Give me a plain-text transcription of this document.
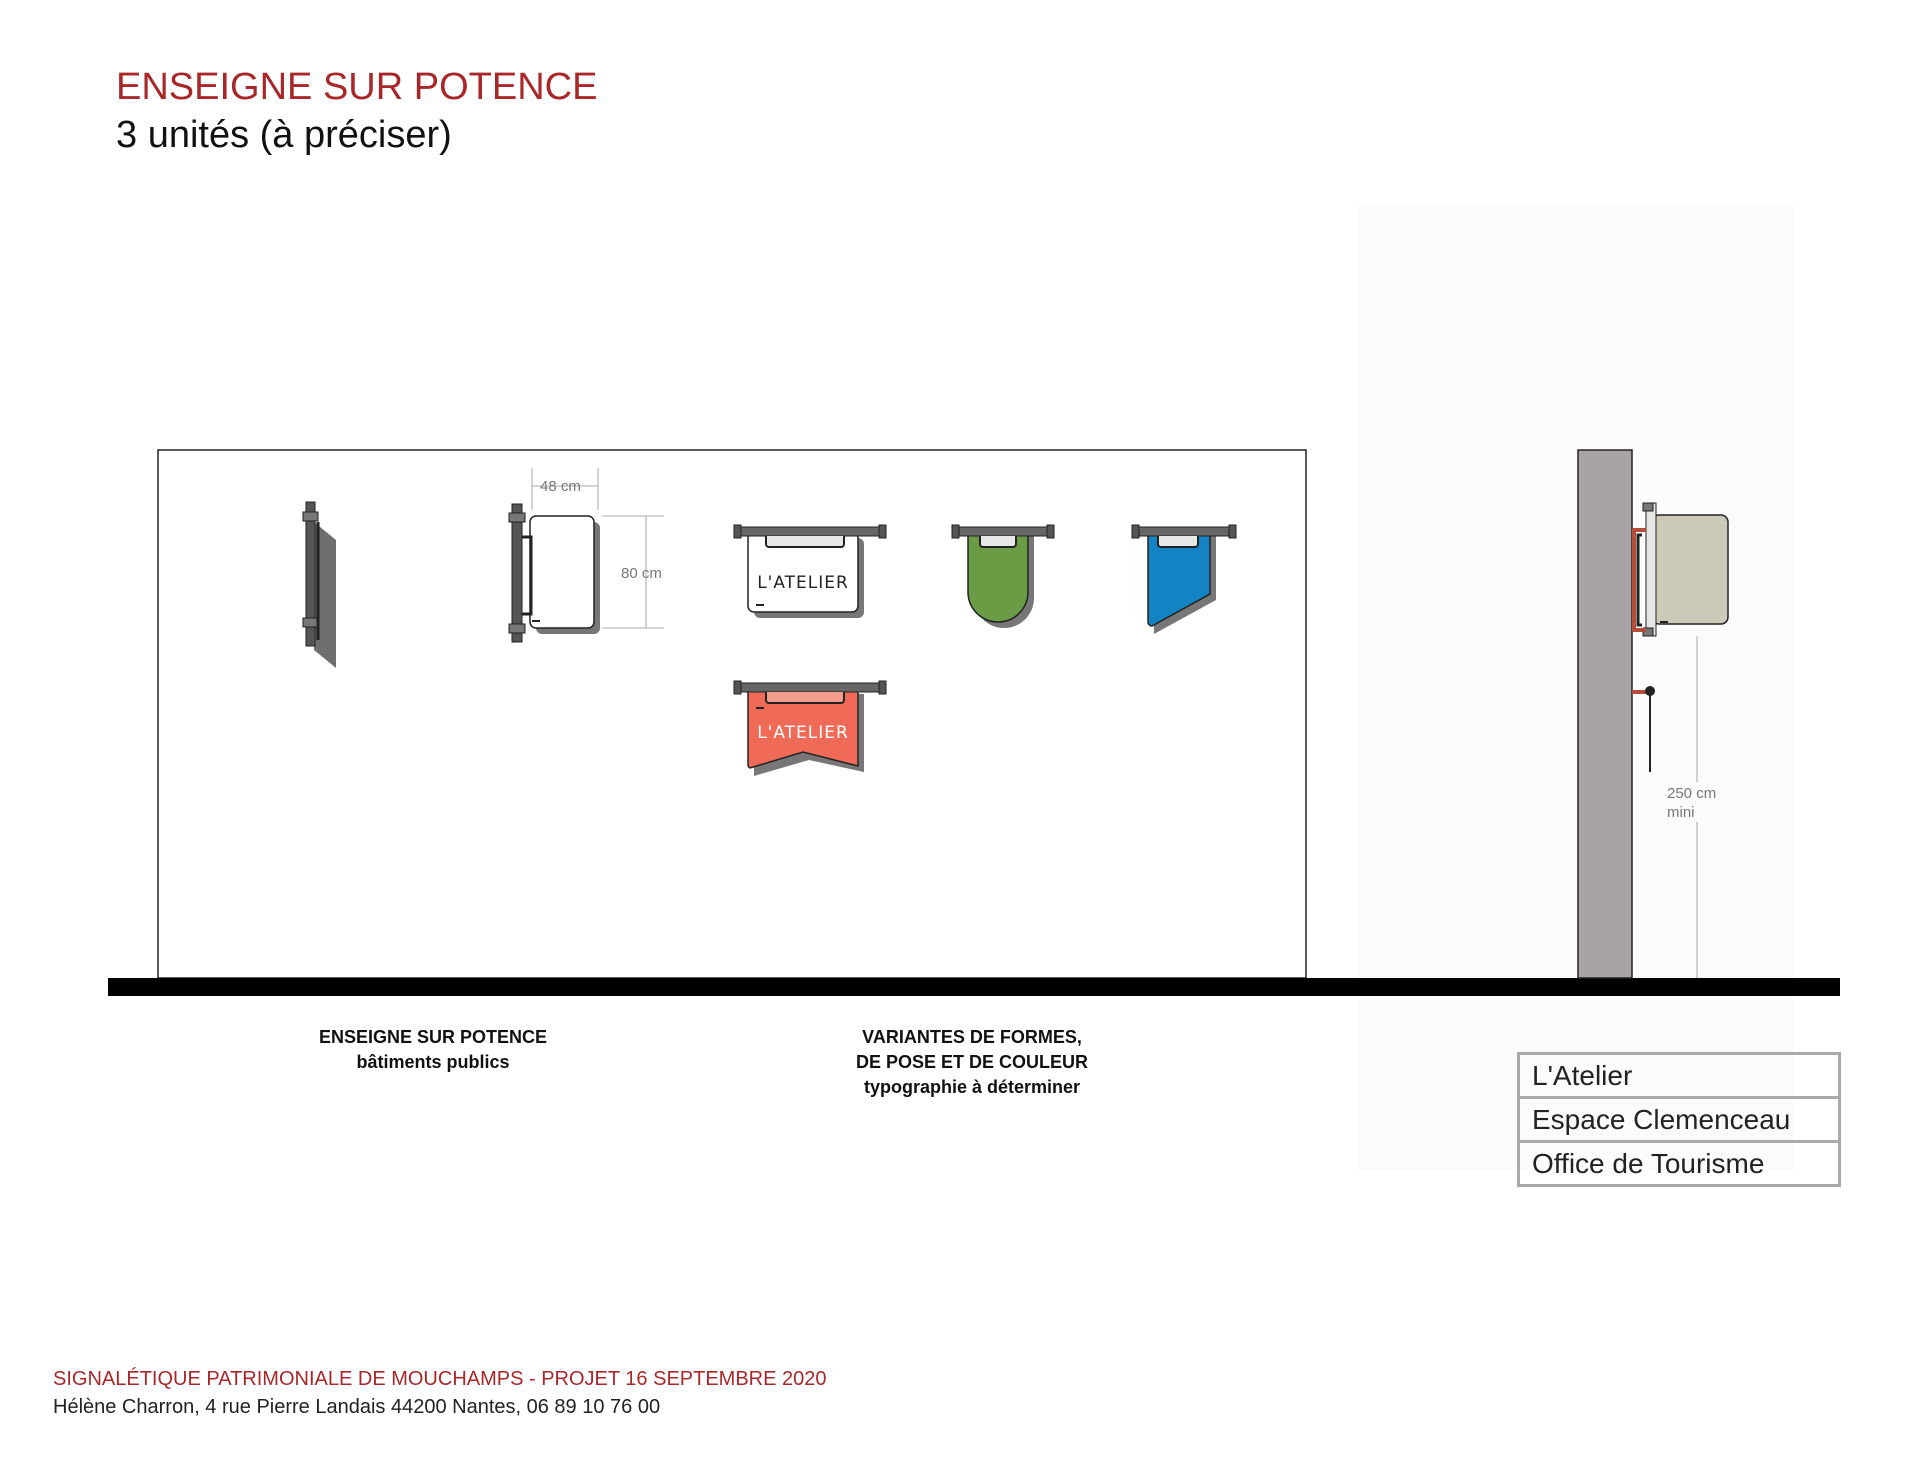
ENSEIGNE SUR POTENCE
3 unités (à préciser)
48 cm
80 cm	L'ATELIER
L'ATELIER
250 cm
mini
ENSEIGNE SUR POTENCE
bâtiments publics
VARIANTES DE FORMES,
DE POSE ET DE COULEUR
typographie à déterminer	L'Atelier
Espace Clemenceau
Office de Tourisme
SIGNALÉTIQUE PATRIMONIALE DE MOUCHAMPS - PROJET 16 SEPTEMBRE 2020
Hélène Charron, 4 rue Pierre Landais 44200 Nantes, 06 89 10 76 00
